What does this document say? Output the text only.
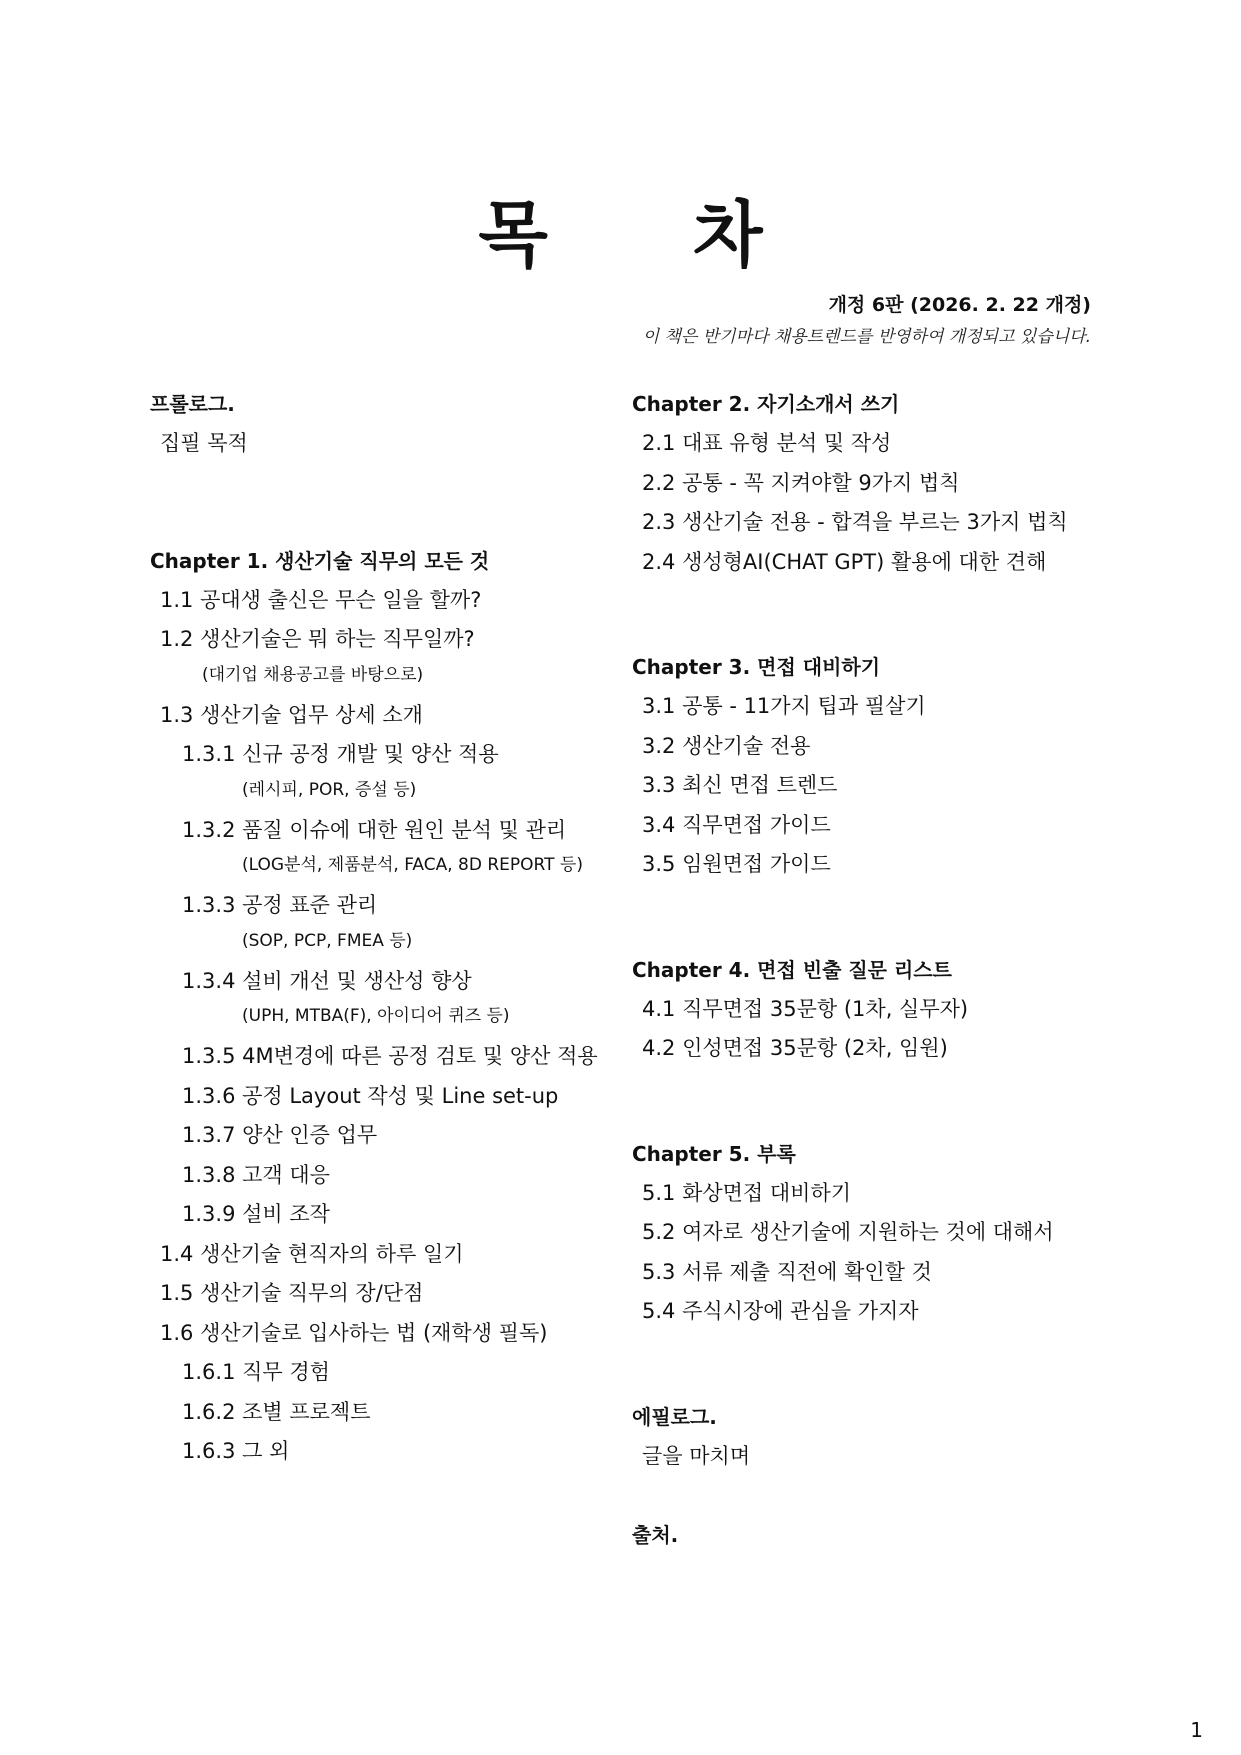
목 차
개정 6판 (2026. 2. 22 개정)
이 책은 반기마다 채용트렌드를 반영하여 개정되고 있습니다.
프롤로그.
집필 목적
Chapter 1. 생산기술 직무의 모든 것
1.1 공대생 출신은 무슨 일을 할까?
1.2 생산기술은 뭐 하는 직무일까?
(대기업 채용공고를 바탕으로)
1.3 생산기술 업무 상세 소개
1.3.1 신규 공정 개발 및 양산 적용
(레시피, POR, 증설 등)
1.3.2 품질 이슈에 대한 원인 분석 및 관리
(LOG분석, 제품분석, FACA, 8D REPORT 등)
1.3.3 공정 표준 관리
(SOP, PCP, FMEA 등)
1.3.4 설비 개선 및 생산성 향상
(UPH, MTBA(F), 아이디어 퀴즈 등)
1.3.5 4M변경에 따른 공정 검토 및 양산 적용
1.3.6 공정 Layout 작성 및 Line set-up
1.3.7 양산 인증 업무
1.3.8 고객 대응
1.3.9 설비 조작
1.4 생산기술 현직자의 하루 일기
1.5 생산기술 직무의 장/단점
1.6 생산기술로 입사하는 법 (재학생 필독)
1.6.1 직무 경험
1.6.2 조별 프로젝트
1.6.3 그 외
Chapter 2. 자기소개서 쓰기
2.1 대표 유형 분석 및 작성
2.2 공통 - 꼭 지켜야할 9가지 법칙
2.3 생산기술 전용 - 합격을 부르는 3가지 법칙
2.4 생성형AI(CHAT GPT) 활용에 대한 견해
Chapter 3. 면접 대비하기
3.1 공통 - 11가지 팁과 필살기
3.2 생산기술 전용
3.3 최신 면접 트렌드
3.4 직무면접 가이드
3.5 임원면접 가이드
Chapter 4. 면접 빈출 질문 리스트
4.1 직무면접 35문항 (1차, 실무자)
4.2 인성면접 35문항 (2차, 임원)
Chapter 5. 부록
5.1 화상면접 대비하기
5.2 여자로 생산기술에 지원하는 것에 대해서
5.3 서류 제출 직전에 확인할 것
5.4 주식시장에 관심을 가지자
에필로그.
글을 마치며
출처.
1
